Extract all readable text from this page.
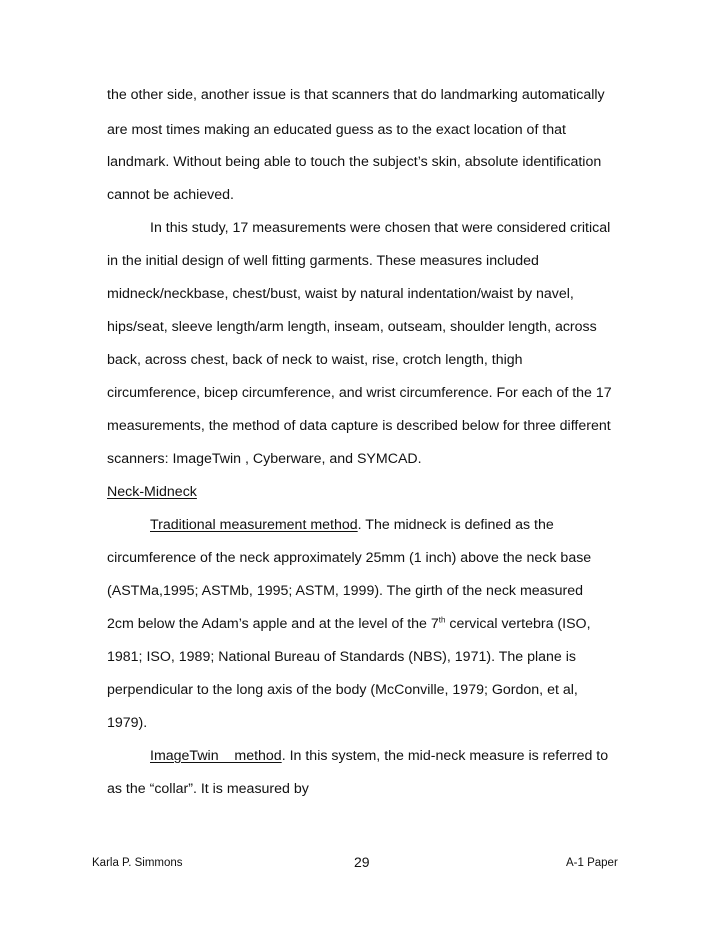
the other side, another issue is that scanners that do landmarking automatically
are most times making an educated guess as to the exact location of that
landmark. Without being able to touch the subject’s skin, absolute identification
cannot be achieved.
In this study, 17 measurements were chosen that were considered critical
in the initial design of well fitting garments. These measures included
midneck/neckbase, chest/bust, waist by natural indentation/waist by navel,
hips/seat, sleeve length/arm length, inseam, outseam, shoulder length, across
back, across chest, back of neck to waist, rise, crotch length, thigh
circumference, bicep circumference, and wrist circumference. For each of the 17
measurements, the method of data capture is described below for three different
scanners: ImageTwin , Cyberware, and SYMCAD.
Neck-Midneck
Traditional measurement method. The midneck is defined as the
circumference of the neck approximately 25mm (1 inch) above the neck base
(ASTMa,1995; ASTMb, 1995; ASTM, 1999). The girth of the neck measured
2cm below the Adam’s apple and at the level of the 7th cervical vertebra (ISO,
1981; ISO, 1989; National Bureau of Standards (NBS), 1971). The plane is
perpendicular to the long axis of the body (McConville, 1979; Gordon, et al,
1979).
ImageTwin    method. In this system, the mid-neck measure is referred to
as the “collar”. It is measured by
Karla P. Simmons	29	A-1 Paper
